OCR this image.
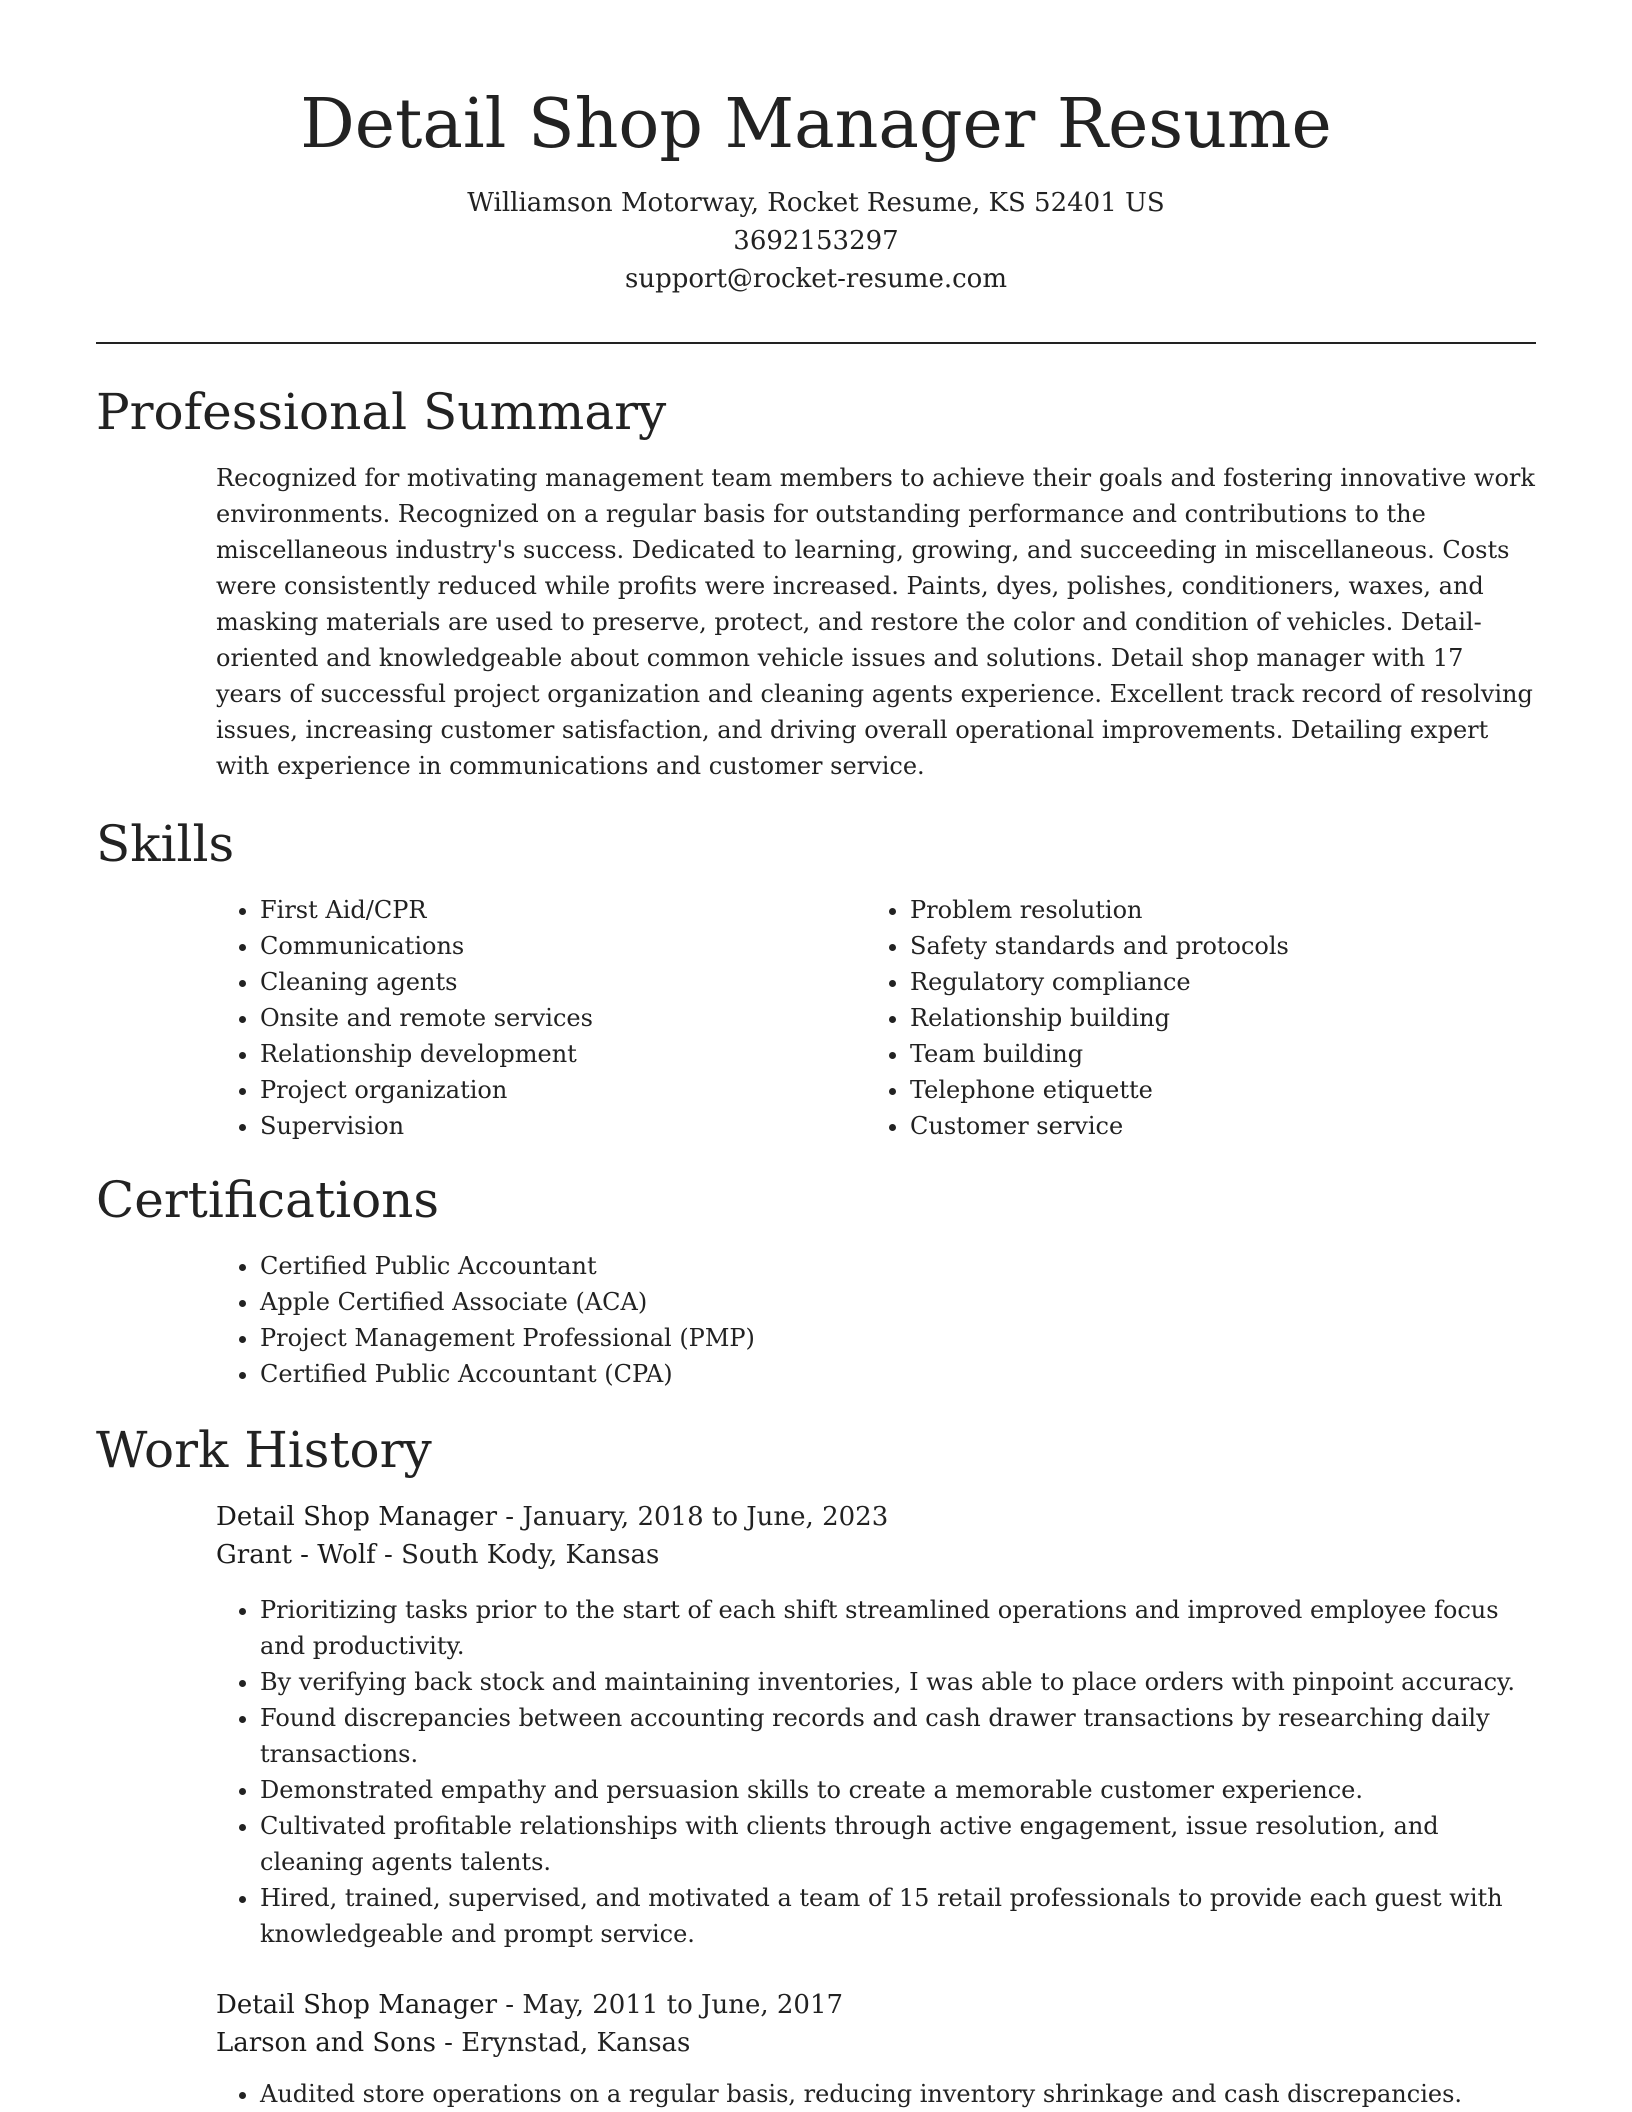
Detail Shop Manager Resume

Williamson Motorway, Rocket Resume, KS 52401 US

3692153297

support@rocket-resume.com

Professional Summary

Recognized for motivating management team members to achieve their goals and fostering innovative work environments. Recognized on a regular basis for outstanding performance and contributions to the miscellaneous industry's success. Dedicated to learning, growing, and succeeding in miscellaneous. Costs were consistently reduced while profits were increased. Paints, dyes, polishes, conditioners, waxes, and masking materials are used to preserve, protect, and restore the color and condition of vehicles. Detail-oriented and knowledgeable about common vehicle issues and solutions. Detail shop manager with 17 years of successful project organization and cleaning agents experience. Excellent track record of resolving issues, increasing customer satisfaction, and driving overall operational improvements. Detailing expert with experience in communications and customer service.

Skills
• First Aid/CPR
• Communications
• Cleaning agents
• Onsite and remote services
• Relationship development
• Project organization
• Supervision
• Problem resolution
• Safety standards and protocols
• Regulatory compliance
• Relationship building
• Team building
• Telephone etiquette
• Customer service
Certifications
• Certified Public Accountant
• Apple Certified Associate (ACA)
• Project Management Professional (PMP)
• Certified Public Accountant (CPA)
Work History

Detail Shop Manager - January, 2018 to June, 2023

Grant - Wolf - South Kody, Kansas

• Prioritizing tasks prior to the start of each shift streamlined operations and improved employee focus and productivity.
• By verifying back stock and maintaining inventories, I was able to place orders with pinpoint accuracy.
• Found discrepancies between accounting records and cash drawer transactions by researching daily transactions.
• Demonstrated empathy and persuasion skills to create a memorable customer experience.
• Cultivated profitable relationships with clients through active engagement, issue resolution, and cleaning agents talents.
• Hired, trained, supervised, and motivated a team of 15 retail professionals to provide each guest with knowledgeable and prompt service.

Detail Shop Manager - May, 2011 to June, 2017

Larson and Sons - Erynstad, Kansas

• Audited store operations on a regular basis, reducing inventory shrinkage and cash discrepancies.
